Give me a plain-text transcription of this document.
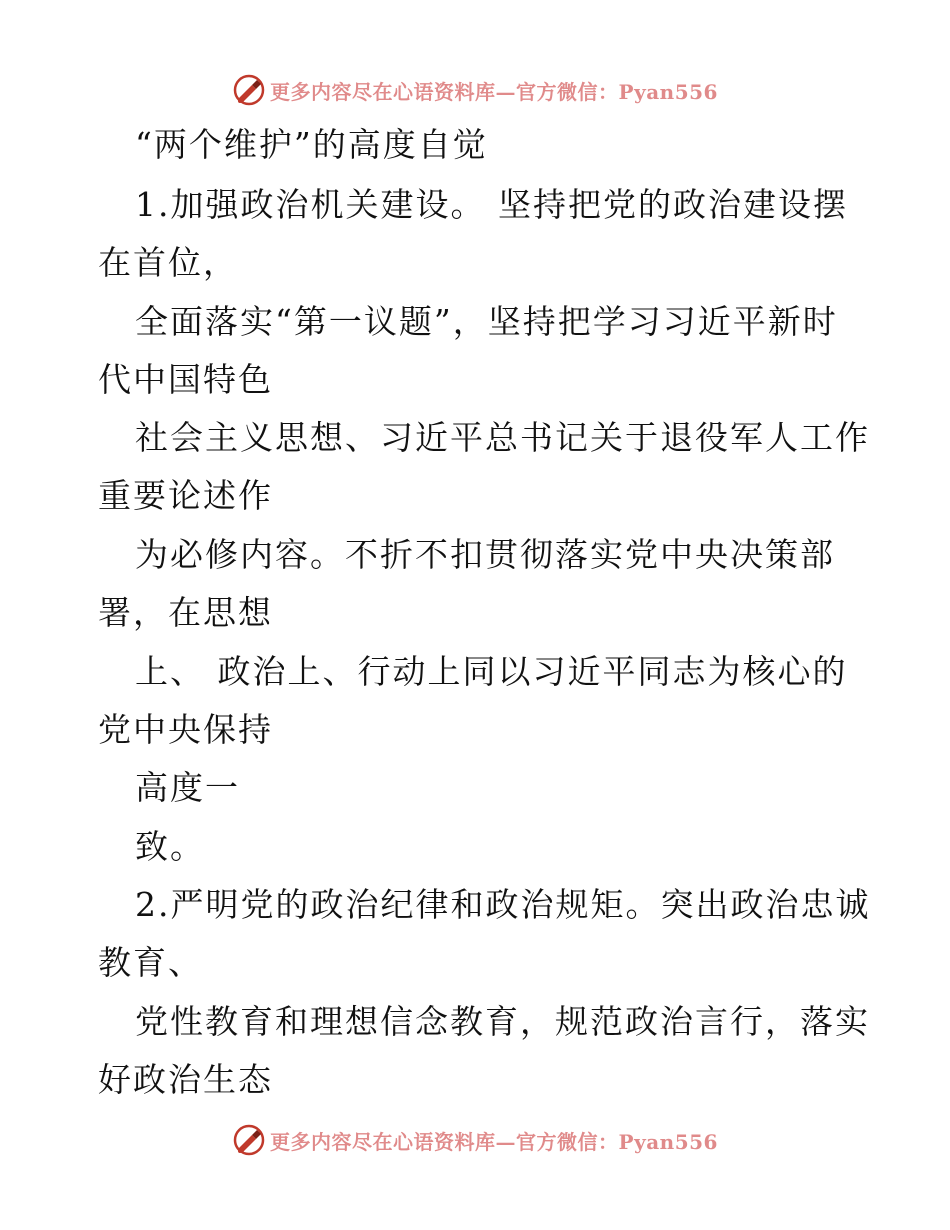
更多内容尽在心语资料库—官方微信：Pyan556

“两个维护”的高度自觉

1.加强政治机关建设。 坚持把党的政治建设摆

在首位，

全面落实“第一议题”，坚持把学习习近平新时

代中国特色

社会主义思想、习近平总书记关于退役军人工作

重要论述作

为必修内容。不折不扣贯彻落实党中央决策部

署，在思想

上、 政治上、行动上同以习近平同志为核心的

党中央保持

高度一

致。

2.严明党的政治纪律和政治规矩。突出政治忠诚

教育、

党性教育和理想信念教育，规范政治言行，落实

好政治生态

更多内容尽在心语资料库—官方微信：Pyan556
